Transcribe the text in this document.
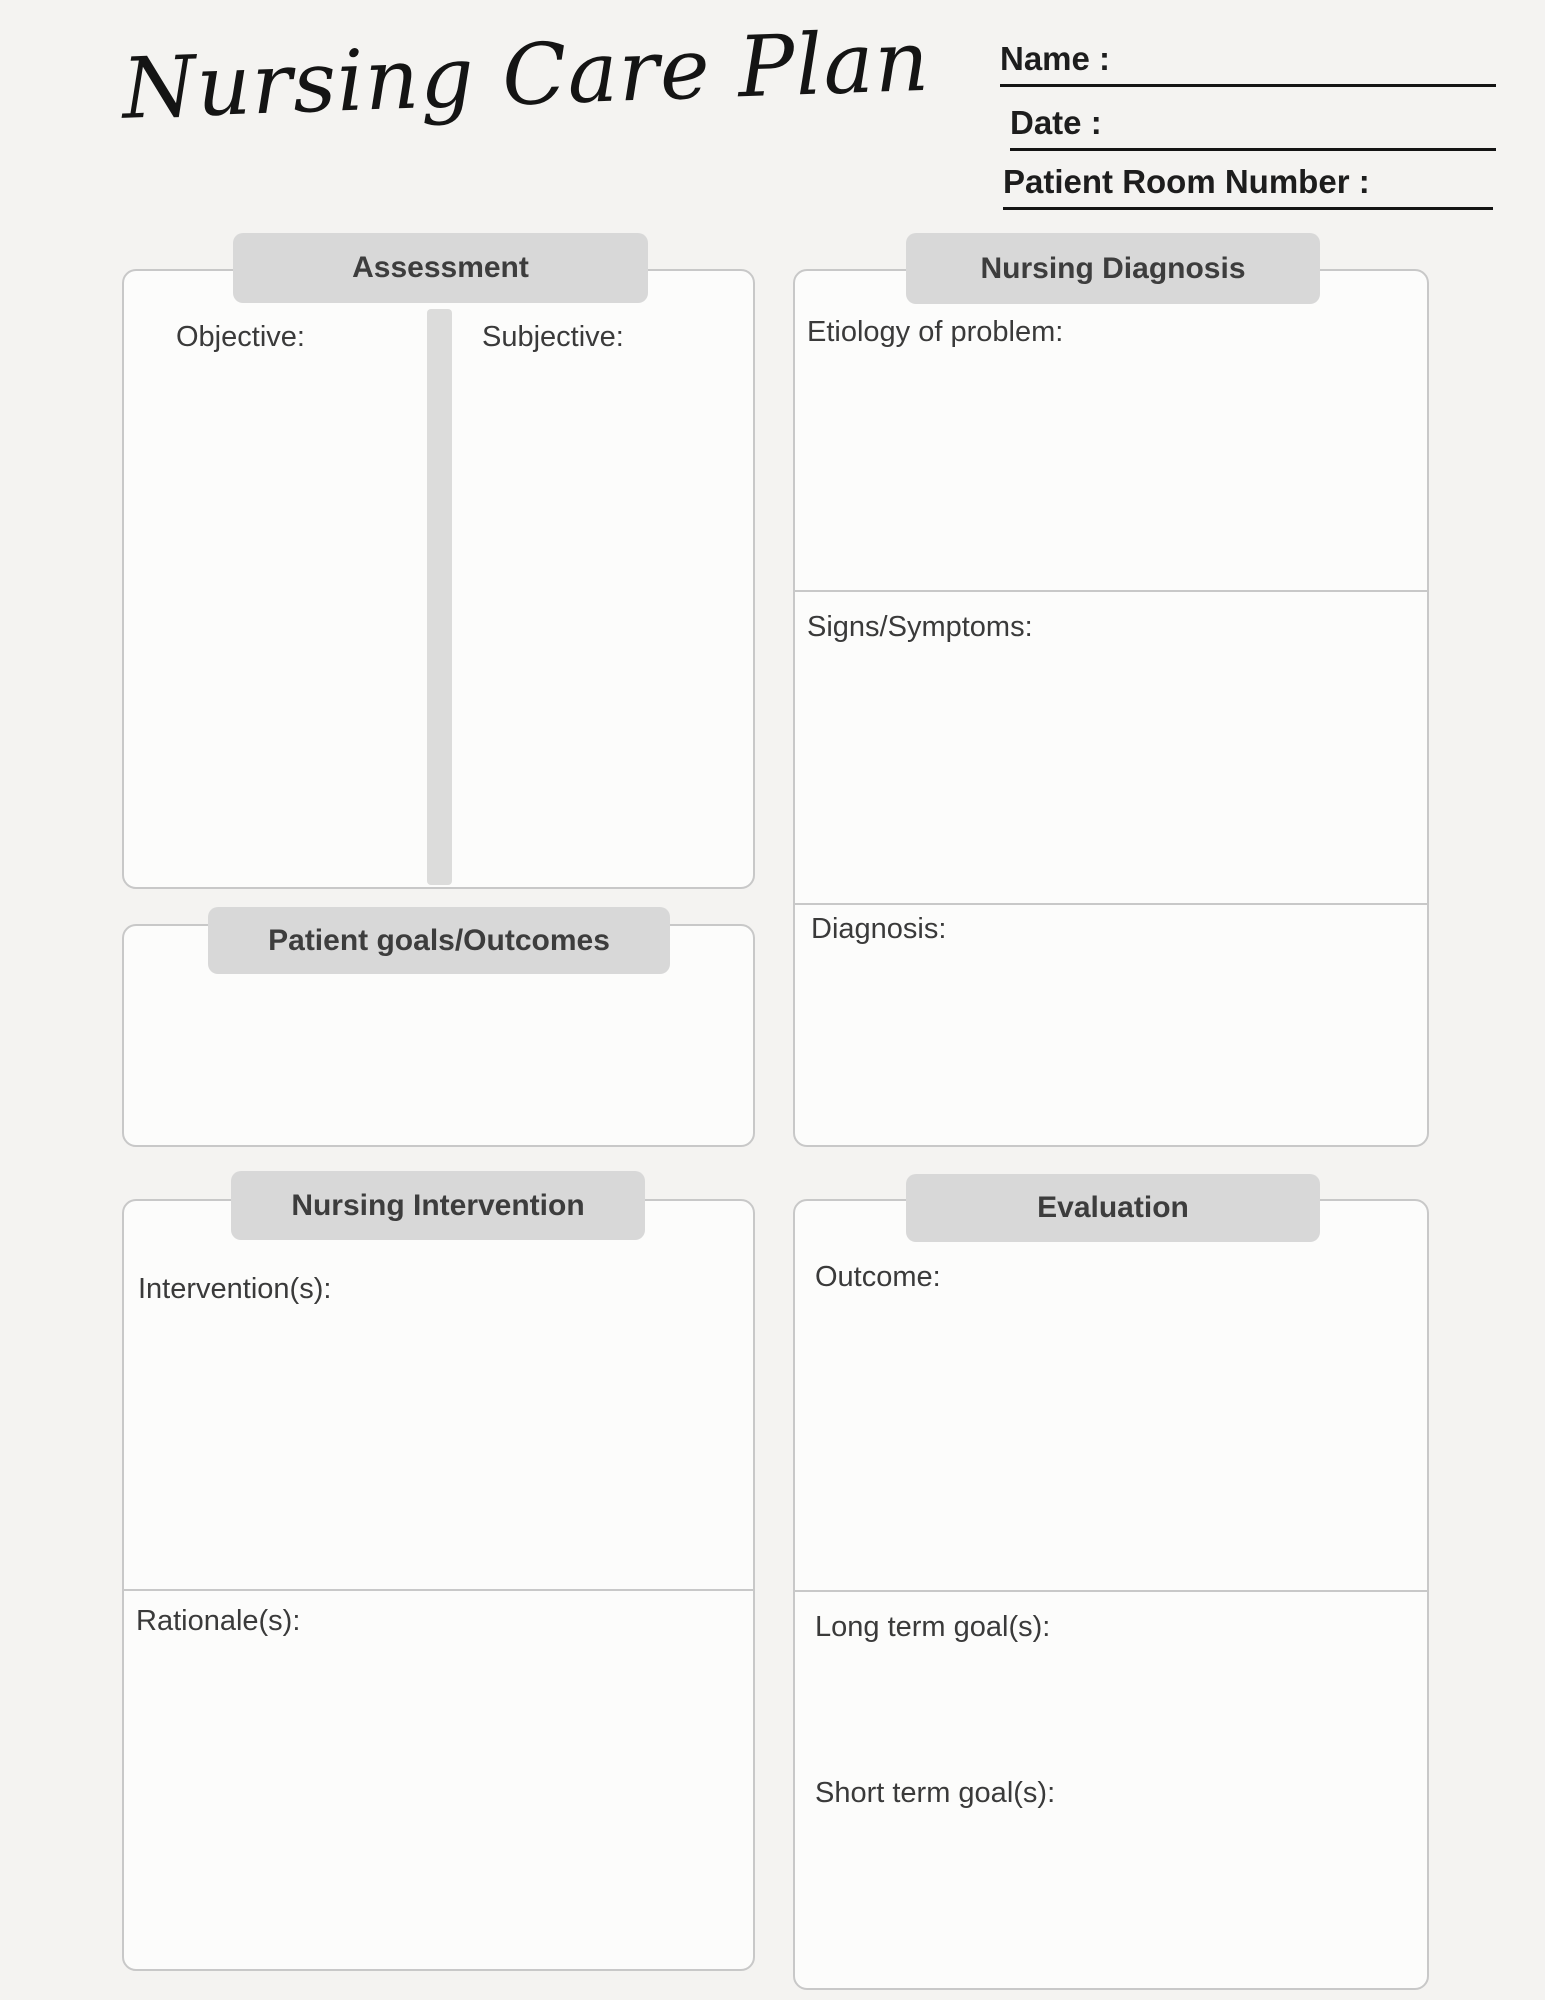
Nursing Care Plan Name :
Date :
Patient Room Number :
Assessment
Objective:	Subjective:
Nursing Diagnosis
Etiology of problem:
Signs/Symptoms:
Diagnosis:
Patient goals/Outcomes
Nursing Intervention
Intervention(s):
Rationale(s):
Evaluation
Outcome:
Long term goal(s):
Short term goal(s):
